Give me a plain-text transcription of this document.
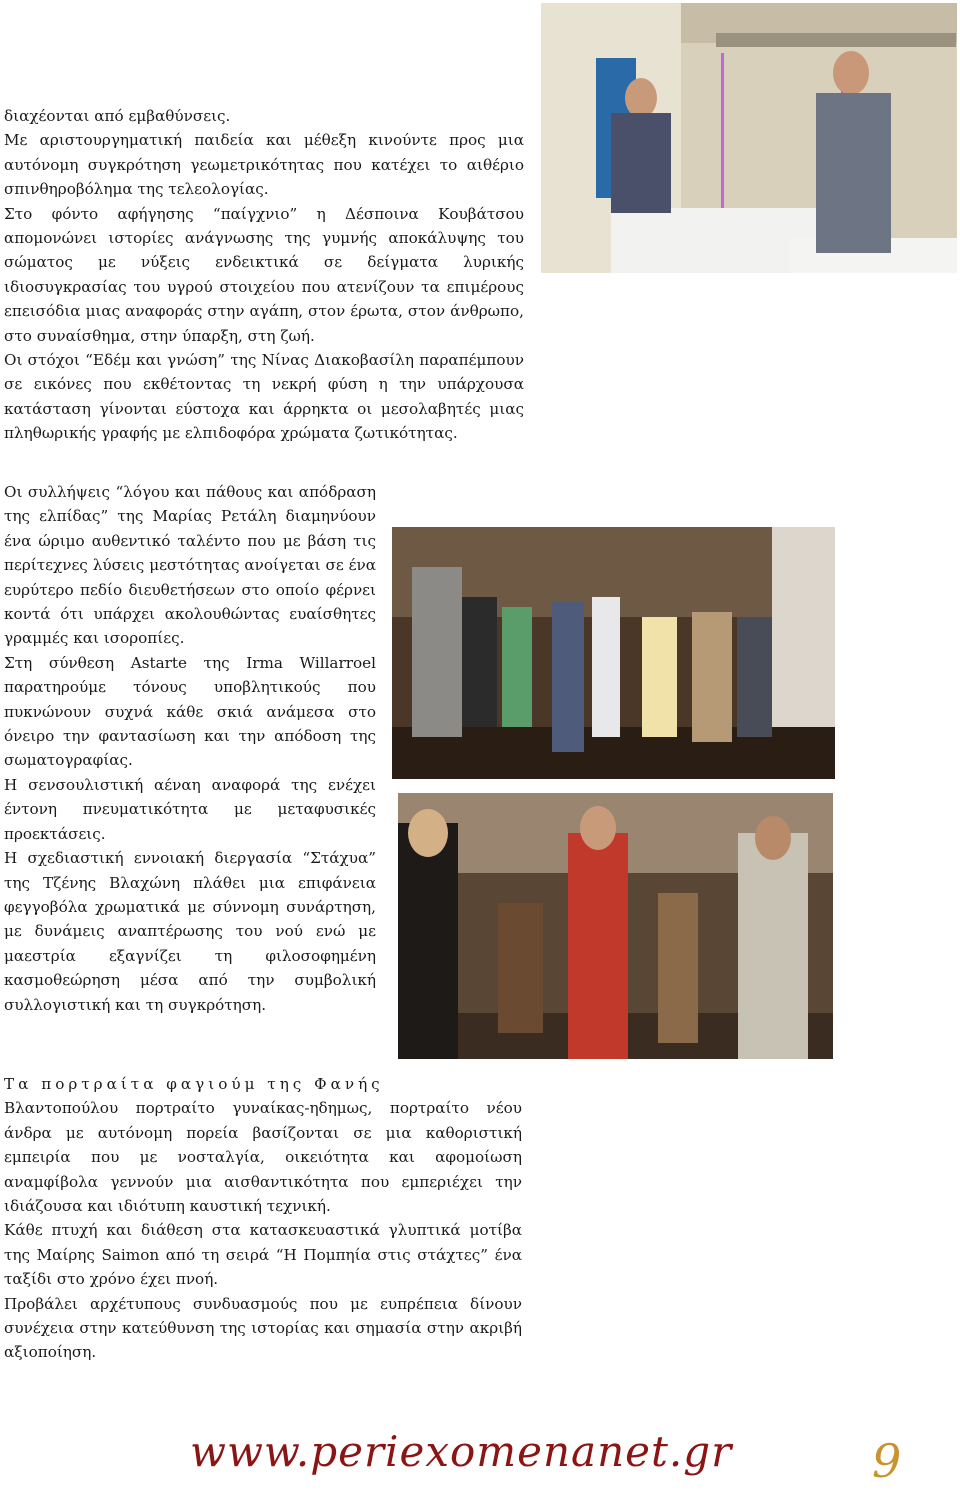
διαχέονται από εμβαθύνσεις.

Με αριστουργηματική παιδεία και μέθεξη κινούντε προς μια αυτόνομη συγκρότηση γεωμετρικότητας που κατέχει το αιθέριο σπινθηροβόλημα της τελεολογίας.

Στο φόντο αφήγησης “παίγχνιο” η Δέσποινα Κουβάτσου απομονώνει ιστορίες ανάγνωσης της γυμνής αποκάλυψης του σώματος με νύξεις ενδεικτικά σε δείγματα λυρικής ιδιοσυγκρασίας του υγρού στοιχείου που ατενίζουν τα επιμέρους επεισόδια μιας αναφοράς στην αγάπη, στον έρωτα, στον άνθρωπο, στο συναίσθημα, στην ύπαρξη, στη ζωή.

Οι στόχοι “Εδέμ και γνώση” της Νίνας Διακοβασίλη παραπέμπουν σε εικόνες που εκθέτοντας τη νεκρή φύση η την υπάρχουσα κατάσταση γίνονται εύστοχα και άρρηκτα οι μεσολαβητές μιας πληθωρικής γραφής με ελπιδοφόρα χρώματα ζωτικότητας.

Οι συλλήψεις “λόγου και πάθους και απόδραση της ελπίδας” της Μαρίας Ρετάλη διαμηνύουν ένα ώριμο αυθεντικό ταλέντο που με βάση τις περίτεχνες λύσεις μεστότητας ανοίγεται σε ένα ευρύτερο πεδίο διευθετήσεων στο οποίο φέρνει κοντά ότι υπάρχει ακολουθώντας ευαίσθητες γραμμές και ισοροπίες.

Στη σύνθεση Astarte της Irma Willarroel παρατηρούμε τόνους υποβλητικούς που πυκνώνουν συχνά κάθε σκιά ανάμεσα στο όνειρο την φαντασίωση και την απόδοση της σωματογραφίας.

Η σενσουλιστική αέναη αναφορά της ενέχει έντονη πνευματικότητα με μεταφυσικές προεκτάσεις.

Η σχεδιαστική εννοιακή διεργασία “Στάχυα” της Τζένης Βλαχώνη πλάθει μια επιφάνεια φεγγοβόλα χρωματικά με σύννομη συνάρτηση, με δυνάμεις αναπτέρωσης του νού ενώ με μαεστρία εξαγνίζει τη φιλοσοφημένη κασμοθεώρηση μέσα από την συμβολική συλλογιστική και τη συγκρότηση.

Τα πορτραίτα φαγιούμ της Φανής

Βλαντοπούλου πορτραίτο γυναίκας-ηδημως, πορτραίτο νέου άνδρα με αυτόνομη πορεία βασίζονται σε μια καθοριστική εμπειρία που με νοσταλγία, οικειότητα και αφομοίωση αναμφίβολα γεννούν μια αισθαντικότητα που εμπεριέχει την ιδιάζουσα και ιδιότυπη καυστική τεχνική.

Κάθε πτυχή και διάθεση στα κατασκευαστικά γλυπτικά μοτίβα της Μαίρης Saimon από τη σειρά “Η Πομπηία στις στάχτες” ένα ταξίδι στο χρόνο έχει πνοή.

Προβάλει αρχέτυπους συνδυασμούς που με ευπρέπεια δίνουν συνέχεια στην κατεύθυνση της ιστορίας και σημασία στην ακριβή αξιοποίηση.

www.periexomenanet.gr	9
